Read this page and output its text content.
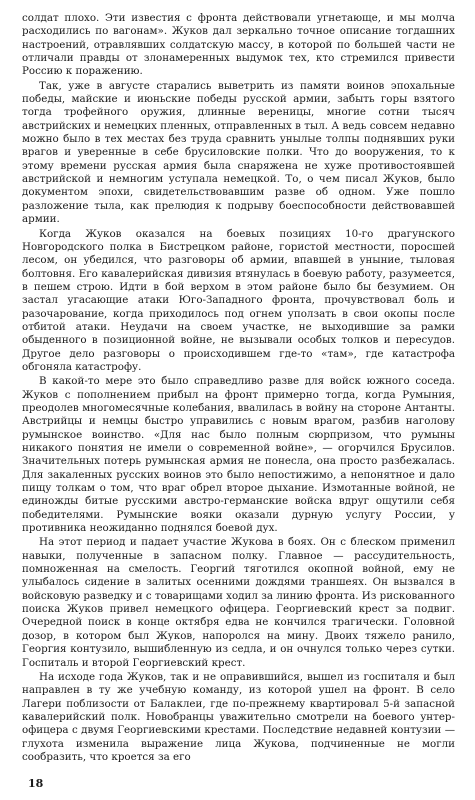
солдат плохо. Эти известия с фронта действовали угнетающе, и мы молча расходились по вагонам». Жуков дал зеркально точное описание тогдашних настроений, отравлявших солдатскую массу, в которой по большей части не отличали правды от злонамеренных выдумок тех, кто стремился привести Россию к поражению.

Так, уже в августе старались выветрить из памяти воинов эпохальные победы, майские и июньские победы русской армии, забыть горы взятого тогда трофейного оружия, длинные вереницы, многие сотни тысяч австрийских и немецких пленных, отправленных в тыл. А ведь совсем недавно можно было в тех местах без труда сравнить унылые толпы поднявших руки врагов и уверенные в себе брусиловские полки. Что до вооружения, то к этому времени русская армия была снаряжена не хуже противостоявшей австрийской и немногим уступала немецкой. То, о чем писал Жуков, было документом эпохи, свидетельствовавшим разве об одном. Уже пошло разложение тыла, как прелюдия к подрыву боеспособности действовавшей армии.

Когда Жуков оказался на боевых позициях 10-го драгунского Новгородского полка в Бистрецком районе, гористой местности, поросшей лесом, он убедился, что разговоры об армии, впавшей в уныние, тыловая болтовня. Его кавалерийская дивизия втянулась в боевую работу, разумеется, в пешем строю. Идти в бой верхом в этом районе было бы безумием. Он застал угасающие атаки Юго-Западного фронта, прочувствовал боль и разочарование, когда приходилось под огнем уползать в свои окопы после отбитой атаки. Неудачи на своем участке, не выходившие за рамки обыденного в позиционной войне, не вызывали особых толков и пересудов. Другое дело разговоры о происходившем где-то «там», где катастрофа обгоняла катастрофу.

В какой-то мере это было справедливо разве для войск южного соседа. Жуков с пополнением прибыл на фронт примерно тогда, когда Румыния, преодолев многомесячные колебания, ввалилась в войну на стороне Антанты. Австрийцы и немцы быстро управились с новым врагом, разбив наголову румынское воинство. «Для нас было полным сюрпризом, что румыны никакого понятия не имели о современной войне», — огорчился Брусилов. Значительных потерь румынская армия не понесла, она просто разбежалась. Для закаленных русских воинов это было непостижимо, а непонятное и дало пищу толкам о том, что враг обрел второе дыхание. Измотанные войной, не единожды битые русскими австро-германские войска вдруг ощутили себя победителями. Румынские вояки оказали дурную услугу России, у противника неожиданно поднялся боевой дух.

На этот период и падает участие Жукова в боях. Он с блеском применил навыки, полученные в запасном полку. Главное — рассудительность, помноженная на смелость. Георгий тяготился окопной войной, ему не улыбалось сидение в залитых осенними дождями траншеях. Он вызвался в войсковую разведку и с товарищами ходил за линию фронта. Из рискованного поиска Жуков привел немецкого офицера. Георгиевский крест за подвиг. Очередной поиск в конце октября едва не кончился трагически. Головной дозор, в котором был Жуков, напоролся на мину. Двоих тяжело ранило, Георгия контузило, вышибленную из седла, и он очнулся только через сутки. Госпиталь и второй Георгиевский крест.

На исходе года Жуков, так и не оправившийся, вышел из госпиталя и был направлен в ту же учебную команду, из которой ушел на фронт. В село Лагери поблизости от Балаклеи, где по-прежнему квартировал 5-й запасной кавалерийский полк. Новобранцы уважительно смотрели на боевого унтер-офицера с двумя Георгиевскими крестами. Последствие недавней контузии — глухота изменила выражение лица Жукова, подчиненные не могли сообразить, что кроется за его

18
